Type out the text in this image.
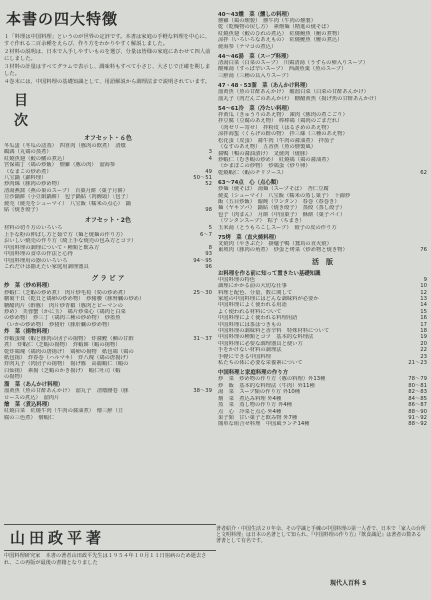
本書の四大特徴
１「料理は中国料理」というのが世界の定評です。本書は家庭の手軽な料理を中心に、すぐ作れる二百余種をえらび、作り方をわかりやすく解説しました。
２材料の説明は、日本で入手しやすいものを選び、分量は皆様の家庭にあわせて四人前にしました。
３材料の計量はすべてグラムで表示し、調味料もすべて小さじ、大さじで正確を期しました。
４巻末には、中国料理の基礎知識として、用語解説から調理法まで説明されています。
目 次
オフセット・６色
冬瓜盅（冬瓜の詰蒸）　四喜肉（豚肉の飲煮）　清燉
3
鶴鶉（丸鶏の蒸煮）
4
紅燒魚翅（鮫の鰭の煮込）
宮保鶏丁（鶏の炒飯）　燻雞（豚の肉）　溜海参
49
（なまこの炒め煮）
50〜51
八宝鍋（錦料理）
52
炒肉絲（豚肉の炒め物）
清湯燕窩（燕の巣のスープ）　百菓月餅（菓子月餅）
豆沙鍋餅（小豆餡鍋餅）　包子鍋貼（肉饅頭）〔包子〕
焼売（焼売をシューマイ）　八宝飯（糯米の点心）　鍋
98
貼（焼き餃子）
オフセット・2色
5
材料の切り方のいろいろ
6〜7
上手な粉の伸ばし方と茹で方（麺と焼麺の作り方）
おいしい焼売の作り方（綺上手な焼売の包み方とコツ）
8
中国料理の調理について・種類と飲み方
93
中国料理の食卓の作法と心得
94〜95
中国料理用の器のいろいろ
96
これだけは揃えたい家庭用調理器具
グ ラ ビ ア
炒　菜（炒め料理）
25〜30
炒蝦仁（芝蝦の炒め煮）　肉片炒毛筍（筍の炒め煮）
糖裏干貝（乾貝と鶏卵の炒め物）　炒豬腰（豚腎臓の炒め）
糖醋肉片（酢豚）　肉片炒青椒（豚肉とピーマンの
炒め）　芙蓉蟹（かに玉）　鶏片炒菜心（鶏肉と白菜
の炒め物）　炒三丁（鶏肉三種の炒め物）　炒墨魚
（いかの炒め物）　炒猪肝（豚肝臓の炒め物）
炸　菜（揚物料理）
31〜37
炸蝦蛋塊（蝦と豚肉の団子の揚物）　炸醤鰹（鯛の甘酢
煮）　炸蝦仁（芝蝦の揚物）　炸蝦餅（蝦の揚物）
乾炸鶏塊（鶏肉の唐揚げ）　鶏卵の揚物　紙包鶏（鶏の
紙包揚）　炸春巻（ハルマキ）　炸八塊（鶏の唐揚げ）
炸肉丸子（肉団子の揚物）　揚げ豚　高麗蝦仁（蝦の
白仙揚）　素揚（芝蝦のかき揚げ）　蝦仁吐司（蝦
の揚物）
溜　菜（あんかけ料理）
38〜39
溜黄魚（魚の甘酢あんかけ）　溜丸子　清燉腰卷（豚
ロースの煮込）　溜肉片
燴　菜（煮込料理）
紅燒白菜　紅燒牛肉（牛肉の醤油煮）　燴三鮮（豆
腐の三色煮）　燴蝦仁
40〜43燻　菜（燻しの料理）
燻雞（鶏の燻製）　燻牛肉（牛肉の燻製）
乾（乾燥物の戻し方）　素燴麺（精進の焼そば）
紅燒魚翅（鮫のひれの煮込）　紅燒鮑魚（鮑の煮物）
涼拌（いろいろなあえもの）　紅燒鯉魚（鯉の煮込）
焼海参（ナマコの煮込）
44〜46湯　菜（スープ料理）
清湯白菜（白菜のスープ）　川鶏清湯（うずらの卵入りスープ）
酸辣湯（すっぱ辛いスープ）　西湖魚羹（魚のスープ）
三鮮湯（三種の具入りスープ）
47・48・53溜　菜（あんかけ料理）
溜黄魚（魚の甘酢あんかけ）　醋溜白菜（白菜の甘酢あんかけ）
溜丸子（肉だんごのあんかけ）　糖醋黄魚（揚げ魚の甘酢あんかけ）
54〜61冷　菜（冷たい料理）
拌黄瓜（きゅうりのあえ物）　凍肉（豚肉の煮こごり）
拌豆腐（豆腐のあえ物）　棒棒鶏（鶏肉のごまだれ）
（肉ゼリー寄せ）　拌粉皮（はるさめのあえ物）
涼拌海蜇（くらげの酢の物）　拌三絲（三種のあえ物）
松花蛋（皮蛋）　醤牛肉（牛肉の醤油煮）　拌茄子
（なすのあえ物）　五香魚（魚の燻製風）
醤鴨（鴨の醤油漬け）　叉焼肉（焼豚）
炒蝦仁（むき蝦の炒め）　紅燒鶏（鶏の醤油煮）
（かまぼこの炒物）　炒鶏蛋（炒り卵）
62
乾燒蝦仁（蝦のチリソース）
63〜74点　心（点心類）
炒麺（焼そば）　湯麺（スープそば）　杏仁豆腐
焼麦（シューマイ）　八宝飯（糯米の蒸し菓子）　十錦炒
飯（五目炒飯）　餛飩（ワンタン）　春巻（春巻き）
麺（ヤキソバ）　鍋貼（焼き餃子）　蒸餃（蒸し餃子）
包子（肉まん）　月餅（中国菓子）　酥餅（菓子パイ）
（ワンタンスープ）　粽子（ちまき）
玉米湯（とうもろこしスープ）　餃子の皮の作り方
75烤　菜（直火焼料理）
叉焼肉（やきぶた）　掛爐子鴨（鵞鳥の直火焼）
76
東坡肉（豚肉の角煮）　炒蛋と烤菜（炒め物と焼き物）
活　版
お料理を作る前に知って置きたい基礎知識
9
中国料理の特色
10
調理にかかる前の大切な仕事
12
料理と配色、分量、数に関して
13
家庭の中国料理にはどんな調味料が必要か
14
中国料理によく使われる用語
15
よく使われる材料について
16
中国料理によく使われる料理用語
17
中国料理には茶はつきもの
18
中国料理の調味料と香辛料　特殊材料について
19
中国料理の種類とコツ　基本的な料理法
20
中国料理に必要な調理器具と使い方
22
手をかけない材料の調理法
23
手軽にできる中国料理
21〜23
私たちの体に必要な栄養素について
中国料理と家庭料理の作り方
78〜79
炒　菜　炒め物の作り方（豚の料理）外13種
80〜81
炒　飯　基本的な料理法（牛肉）外11種
82〜83
湯　菜　スープ類の作り方 外10種
84〜85
燴　菜　煮込み料理 外4種
86〜87
蒸　菜　蒸し物の作り方 外4種
88〜90
点　心　冷菜と点心 外4種
91〜92
果子類　甘い菓子と飲み物 外7種
88〜92
簡単な組合せ料理　中国風ランチ14種
山田政平著
中国料理研究家　本書の著者山田政平先生は１９５４年１０月１１日宿病のため逝去され、この再版が最後の書籍となりました
著者紹介・中国生活２０年余、その学識と手練の中国料理の第一人者で、日本で「家人の台所と文明料理」は日本の名著として知られ、『中国料理の作り方』『飲食識記』は著者の数ある著書として有名です。
現代人百科 5
